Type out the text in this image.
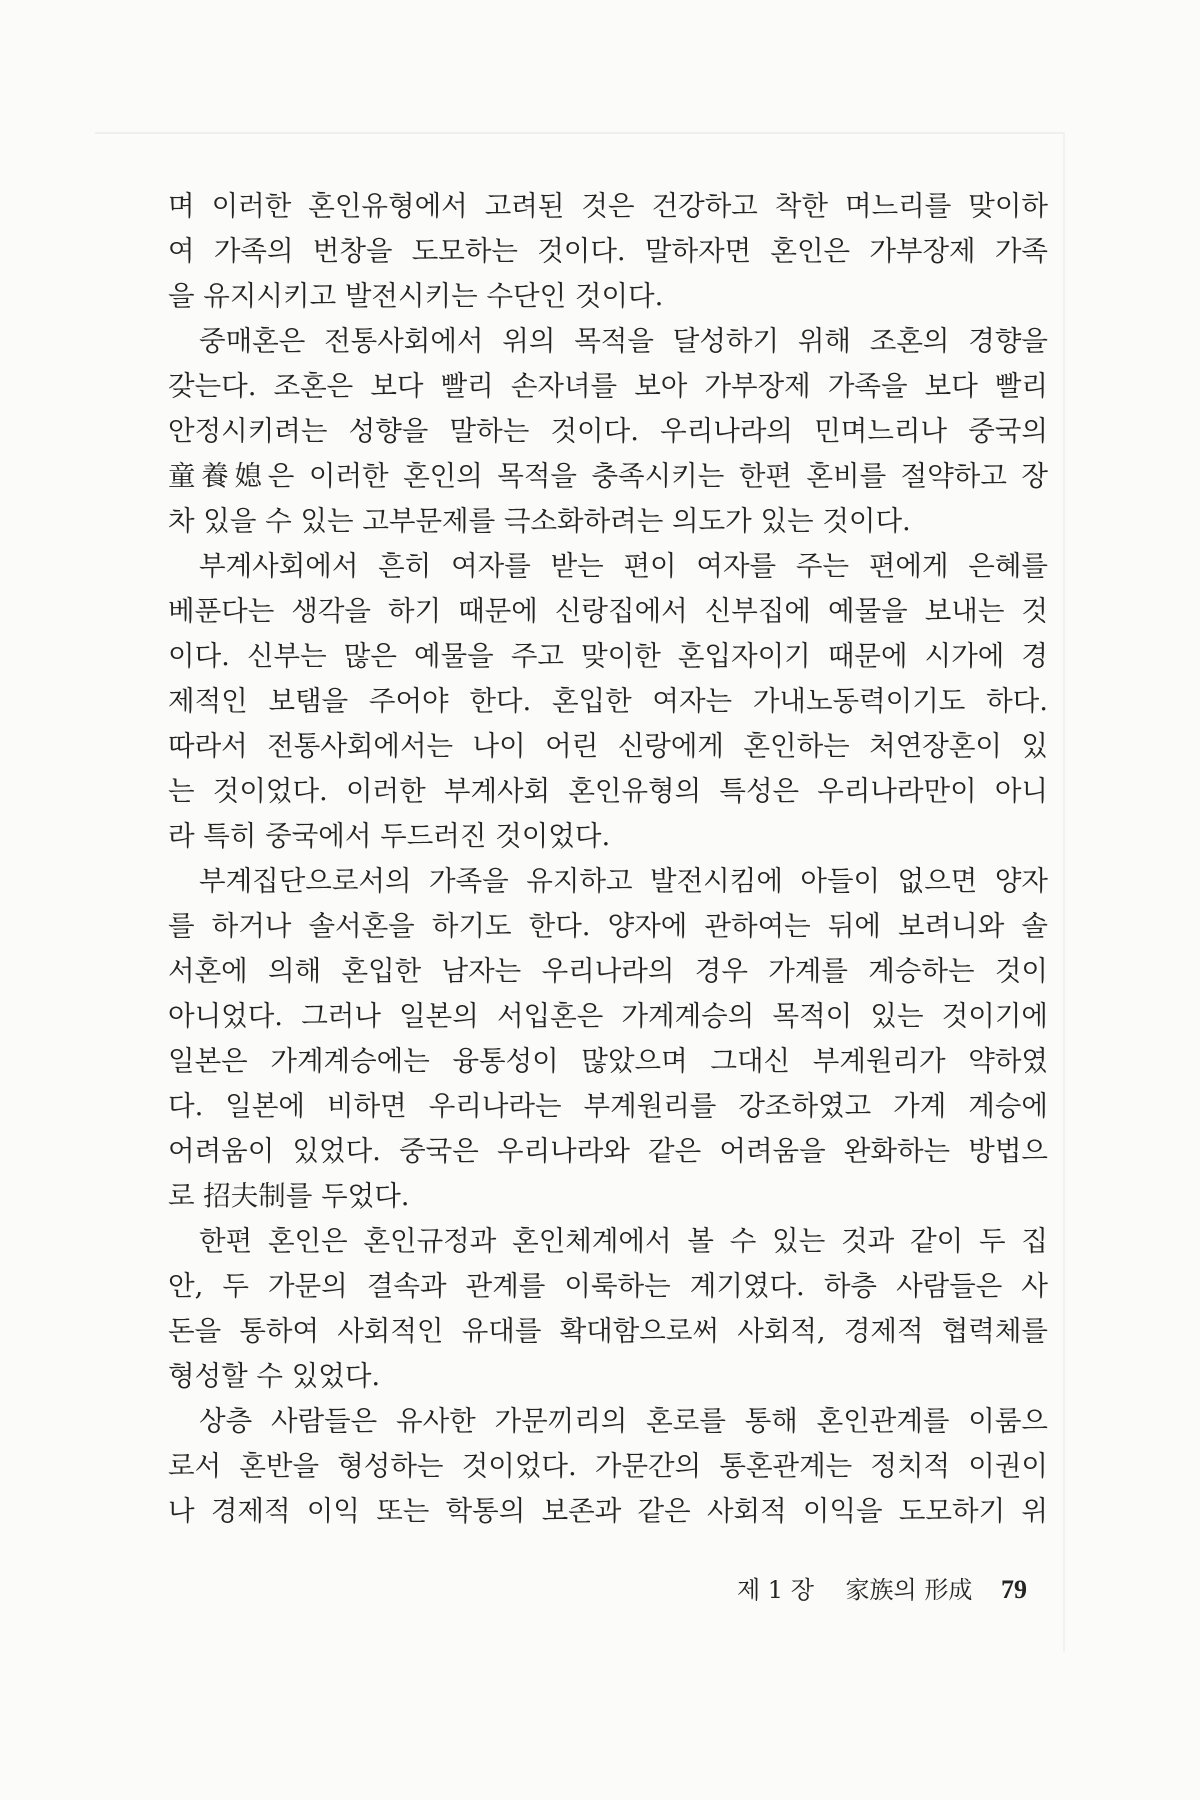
며 이러한 혼인유형에서 고려된 것은 건강하고 착한 며느리를 맞이하
여 가족의 번창을 도모하는 것이다. 말하자면 혼인은 가부장제 가족
을 유지시키고 발전시키는 수단인 것이다.
중매혼은 전통사회에서 위의 목적을 달성하기 위해 조혼의 경향을
갖는다. 조혼은 보다 빨리 손자녀를 보아 가부장제 가족을 보다 빨리
안정시키려는 성향을 말하는 것이다. 우리나라의 민며느리나 중국의
童養媳은 이러한 혼인의 목적을 충족시키는 한편 혼비를 절약하고 장
차 있을 수 있는 고부문제를 극소화하려는 의도가 있는 것이다.
부계사회에서 흔히 여자를 받는 편이 여자를 주는 편에게 은혜를
베푼다는 생각을 하기 때문에 신랑집에서 신부집에 예물을 보내는 것
이다. 신부는 많은 예물을 주고 맞이한 혼입자이기 때문에 시가에 경
제적인 보탬을 주어야 한다. 혼입한 여자는 가내노동력이기도 하다.
따라서 전통사회에서는 나이 어린 신랑에게 혼인하는 처연장혼이 있
는 것이었다. 이러한 부계사회 혼인유형의 특성은 우리나라만이 아니
라 특히 중국에서 두드러진 것이었다.
부계집단으로서의 가족을 유지하고 발전시킴에 아들이 없으면 양자
를 하거나 솔서혼을 하기도 한다. 양자에 관하여는 뒤에 보려니와 솔
서혼에 의해 혼입한 남자는 우리나라의 경우 가계를 계승하는 것이
아니었다. 그러나 일본의 서입혼은 가계계승의 목적이 있는 것이기에
일본은 가계계승에는 융통성이 많았으며 그대신 부계원리가 약하였
다. 일본에 비하면 우리나라는 부계원리를 강조하였고 가계 계승에
어려움이 있었다. 중국은 우리나라와 같은 어려움을 완화하는 방법으
로 招夫制를 두었다.
한편 혼인은 혼인규정과 혼인체계에서 볼 수 있는 것과 같이 두 집
안, 두 가문의 결속과 관계를 이룩하는 계기였다. 하층 사람들은 사
돈을 통하여 사회적인 유대를 확대함으로써 사회적, 경제적 협력체를
형성할 수 있었다.
상층 사람들은 유사한 가문끼리의 혼로를 통해 혼인관계를 이룸으
로서 혼반을 형성하는 것이었다. 가문간의 통혼관계는 정치적 이권이
나 경제적 이익 또는 학통의 보존과 같은 사회적 이익을 도모하기 위
제 1 장 家族의 形成 79
